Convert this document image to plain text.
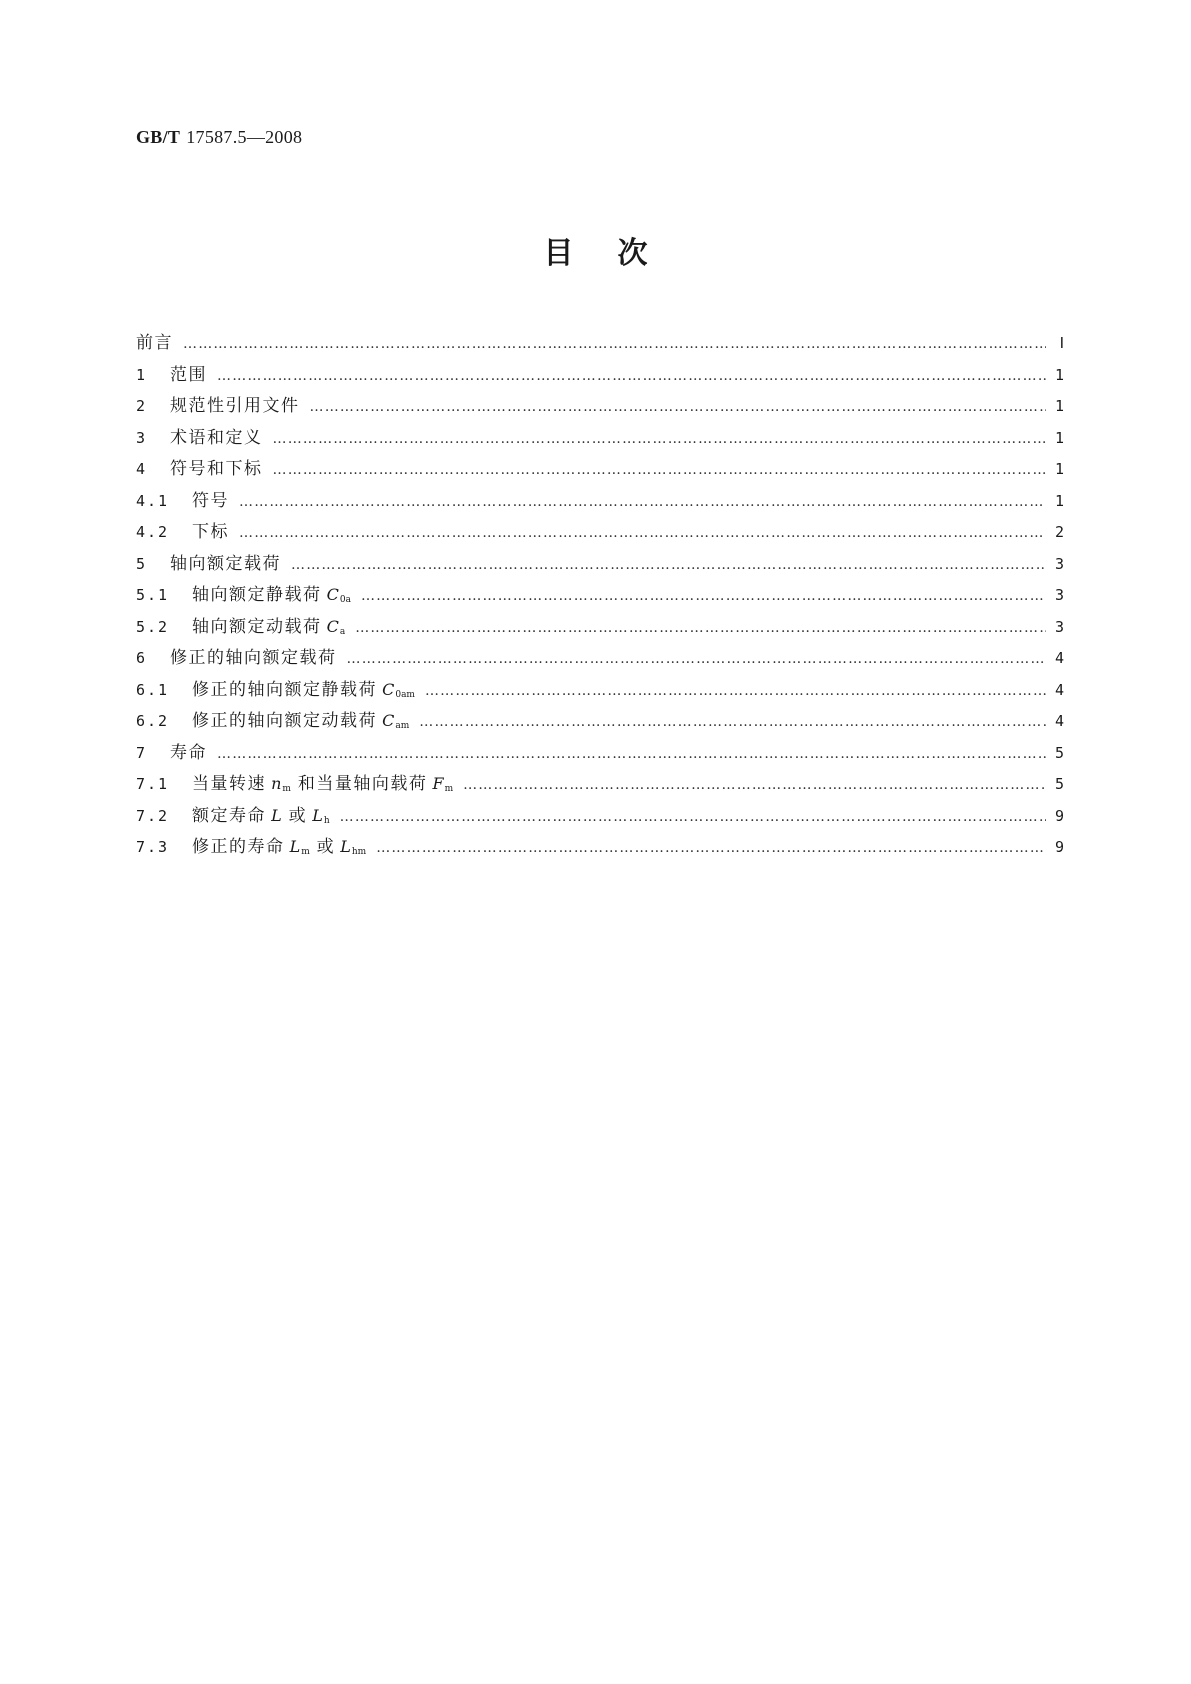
GB/T 17587.5—2008
目 次
前言 ……………………………………………………………………………………………………………………………………………………………………………………………………………………	Ⅰ
1	范围 ……………………………………………………………………………………………………………………………………………………………………………………………………………………	1
2	规范性引用文件 ……………………………………………………………………………………………………………………………………………………………………………………………………………………	1
3	术语和定义 ……………………………………………………………………………………………………………………………………………………………………………………………………………………	1
4	符号和下标 ……………………………………………………………………………………………………………………………………………………………………………………………………………………	1
4.1	符号 ……………………………………………………………………………………………………………………………………………………………………………………………………………………	1
4.2	下标 ……………………………………………………………………………………………………………………………………………………………………………………………………………………	2
5	轴向额定载荷 ……………………………………………………………………………………………………………………………………………………………………………………………………………………	3
5.1	轴向额定静载荷 $C_{0a}$ ……………………………………………………………………………………………………………………………………………………………………………………………………………………	3
5.2	轴向额定动载荷 $C_a$ ……………………………………………………………………………………………………………………………………………………………………………………………………………………	3
6	修正的轴向额定载荷 ……………………………………………………………………………………………………………………………………………………………………………………………………………………	4
6.1	修正的轴向额定静载荷 $C_{0am}$ ……………………………………………………………………………………………………………………………………………………………………………………………………………………	4
6.2	修正的轴向额定动载荷 $C_{am}$ ……………………………………………………………………………………………………………………………………………………………………………………………………………………	4
7	寿命 ……………………………………………………………………………………………………………………………………………………………………………………………………………………	5
7.1	当量转速 $n_m$ 和当量轴向载荷 $F_m$ ……………………………………………………………………………………………………………………………………………………………………………………………………………………	5
7.2	额定寿命 L 或 $L_h$ ……………………………………………………………………………………………………………………………………………………………………………………………………………………	9
7.3	修正的寿命 $L_m$ 或 $L_{hm}$ ……………………………………………………………………………………………………………………………………………………………………………………………………………………	9
